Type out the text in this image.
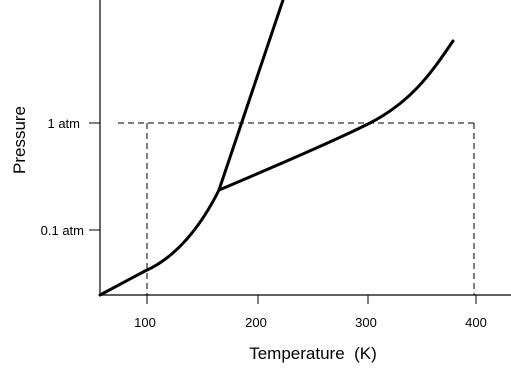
1 atm
0.1 atm
100	200	300	400
Temperature  (K)
Pressure
